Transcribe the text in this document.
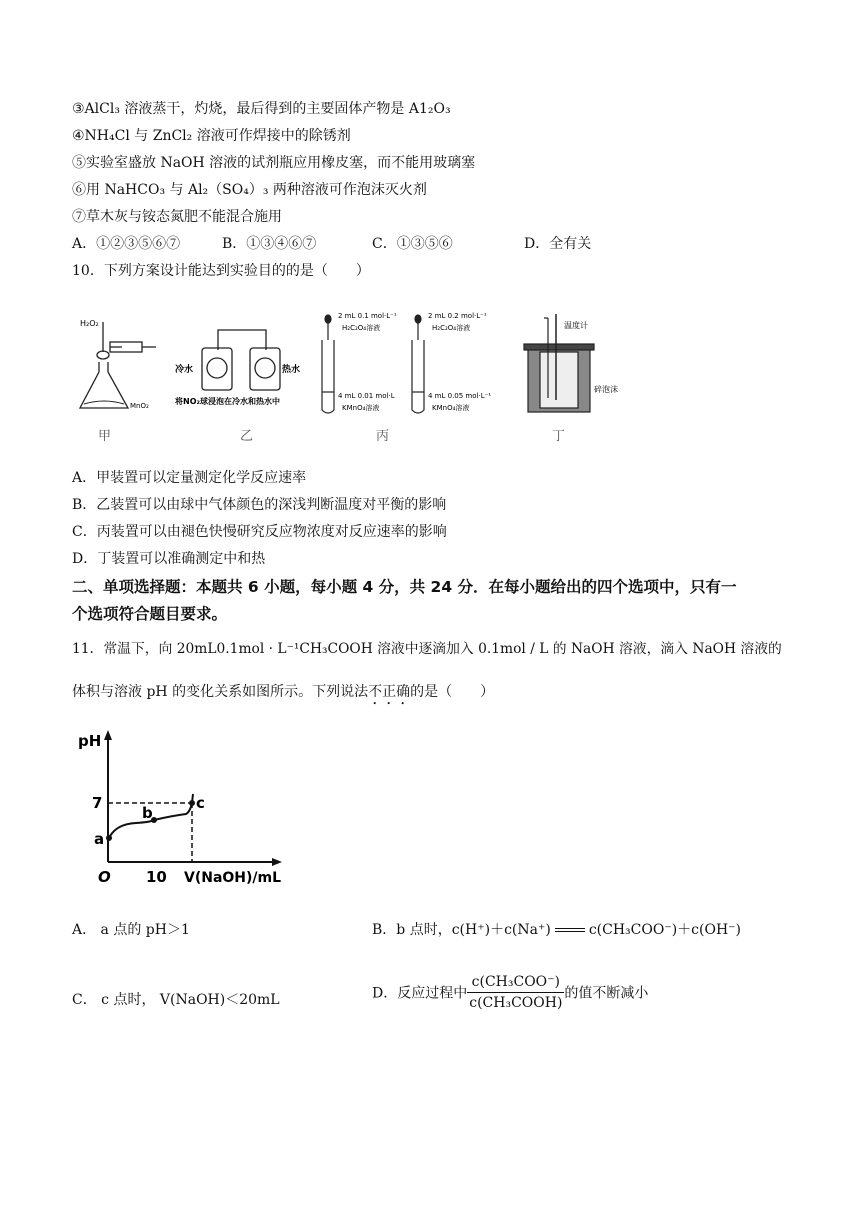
③AlCl₃ 溶液蒸干，灼烧，最后得到的主要固体产物是 A1₂O₃
④NH₄Cl 与 ZnCl₂ 溶液可作焊接中的除锈剂
⑤实验室盛放 NaOH 溶液的试剂瓶应用橡皮塞，而不能用玻璃塞
⑥用 NaHCO₃ 与 Al₂（SO₄）₃ 两种溶液可作泡沫灭火剂
⑦草木灰与铵态氮肥不能混合施用
A．①②③⑤⑥⑦	B．①③④⑥⑦	C．①③⑤⑥	D．全有关
10．下列方案设计能达到实验目的的是（　　）
H₂O₂
MnO₂
冷水	热水
将NO₂球浸泡在冷水和热水中
2 mL 0.1 mol·L⁻¹
H₂C₂O₄溶液
2 mL 0.2 mol·L⁻¹
H₂C₂O₄溶液
4 mL 0.01 mol·L
KMnO₄溶液
4 mL 0.05 mol·L⁻¹
KMnO₄溶液
温度计
碎泡沫
甲	乙	丙	丁
A．甲装置可以定量测定化学反应速率
B．乙装置可以由球中气体颜色的深浅判断温度对平衡的影响
C．丙装置可以由褪色快慢研究反应物浓度对反应速率的影响
D．丁装置可以准确测定中和热
二、单项选择题：本题共 6 小题，每小题 4 分，共 24 分．在每小题给出的四个选项中，只有一
个选项符合题目要求。
11．常温下，向 20mL0.1mol · L⁻¹CH₃COOH 溶液中逐滴加入 0.1mol / L 的 NaOH 溶液，滴入 NaOH 溶液的
体积与溶液 pH 的变化关系如图所示。下列说法不正确的是（　　）
pH
7
a
b
c
O 10 V(NaOH)/mL
A． a 点的 pH＞1	B．b 点时，c(H⁺)＋c(Na⁺)	c(CH₃COO⁻)＋c(OH⁻)
C． c 点时， V(NaOH)＜20mL	D．反应过程中 $\frac{\text{c(CH₃COO⁻)}}{\text{c(CH₃COOH)}}$ 的值不断减小
